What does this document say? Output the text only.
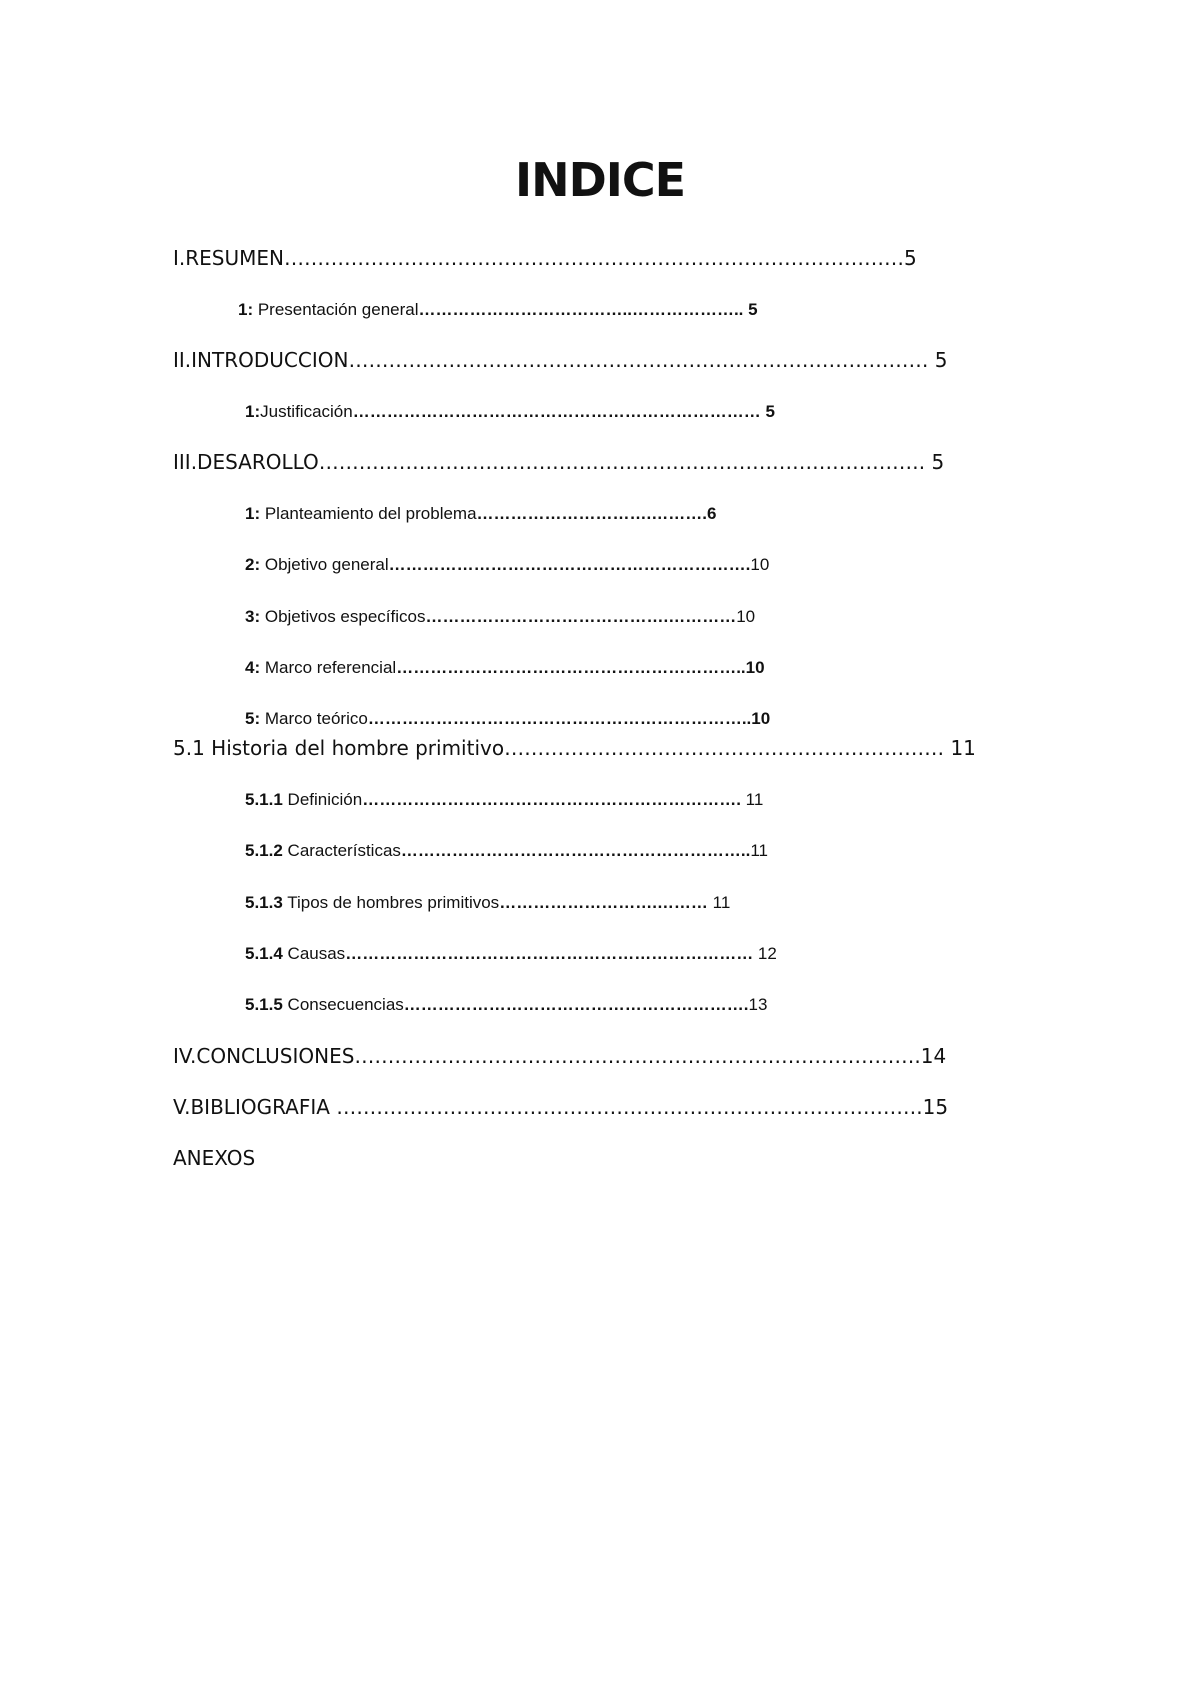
INDICE
I.RESUMEN…………………………………………………………………………………5
1: Presentación general………………………………..……………….. 5
II.INTRODUCCION…………………………………………………………………………… 5
1:Justificación……………………………………………………………… 5
III.DESAROLLO………………………………………………………………………………. 5
1: Planteamiento del problema………………………….……….6
2: Objetivo general……………………………………………………….10
3: Objetivos específicos…………………………………….…………10
4: Marco referencial……………………………………………………..10
5: Marco teórico…………………………………………………………..10
5.1 Historia del hombre primitivo………………………………………………………… 11
5.1.1 Definición…………………………………………………………. 11
5.1.2 Características……………………………………………………..11
5.1.3 Tipos de hombres primitivos……………………….……… 11
5.1.4 Causas……………………………………………………………… 12
5.1.5 Consecuencias…………………………………………………….13
IV.CONCLUSIONES………………………………………………………………………….14
V.BIBLIOGRAFIA …………………………………………………………………………….15
ANEXOS
